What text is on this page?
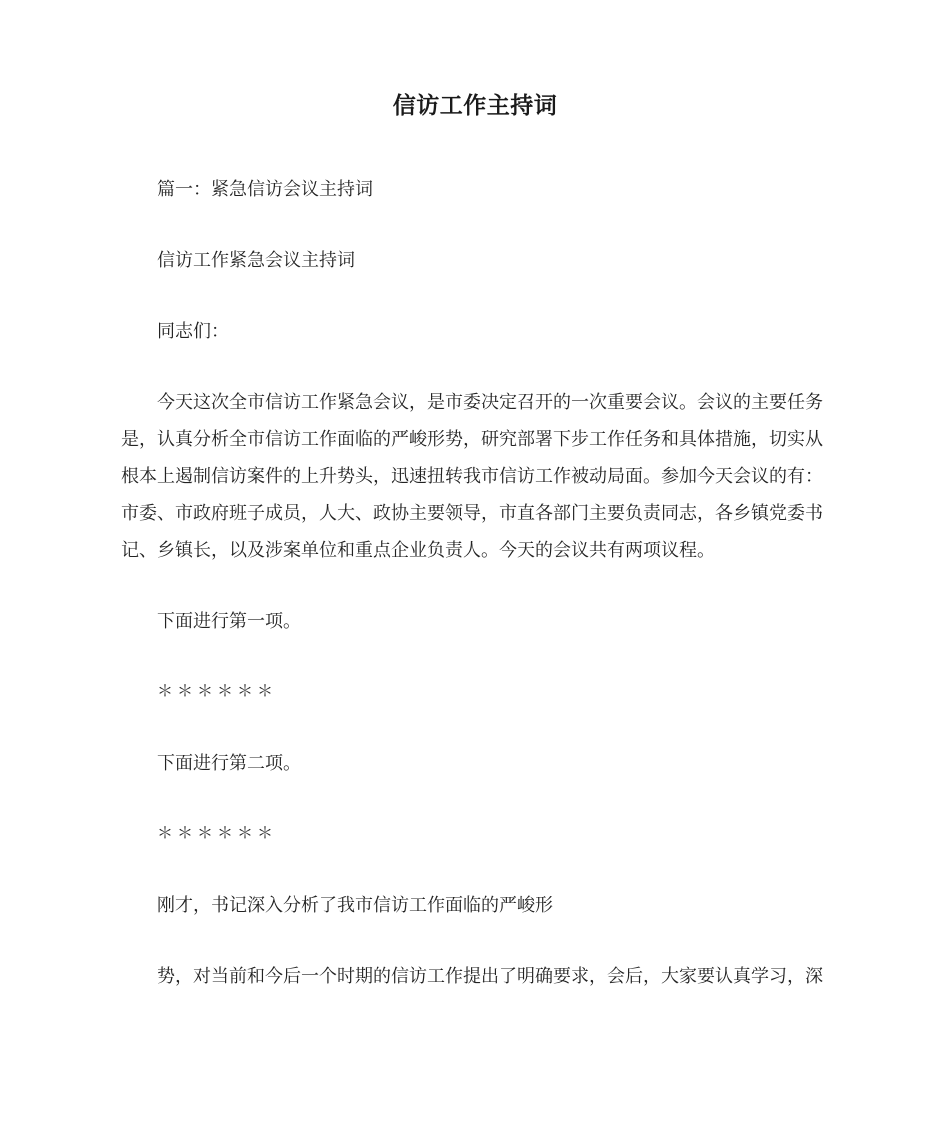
信访工作主持词
篇一：紧急信访会议主持词
信访工作紧急会议主持词
同志们：
今天这次全市信访工作紧急会议，是市委决定召开的一次重要会议。会议的主要任务
是，认真分析全市信访工作面临的严峻形势，研究部署下步工作任务和具体措施，切实从
根本上遏制信访案件的上升势头，迅速扭转我市信访工作被动局面。参加今天会议的有：
市委、市政府班子成员，人大、政协主要领导，市直各部门主要负责同志，各乡镇党委书
记、乡镇长，以及涉案单位和重点企业负责人。今天的会议共有两项议程。
下面进行第一项。
＊＊＊＊＊＊
下面进行第二项。
＊＊＊＊＊＊
刚才，书记深入分析了我市信访工作面临的严峻形
势，对当前和今后一个时期的信访工作提出了明确要求，会后，大家要认真学习，深
